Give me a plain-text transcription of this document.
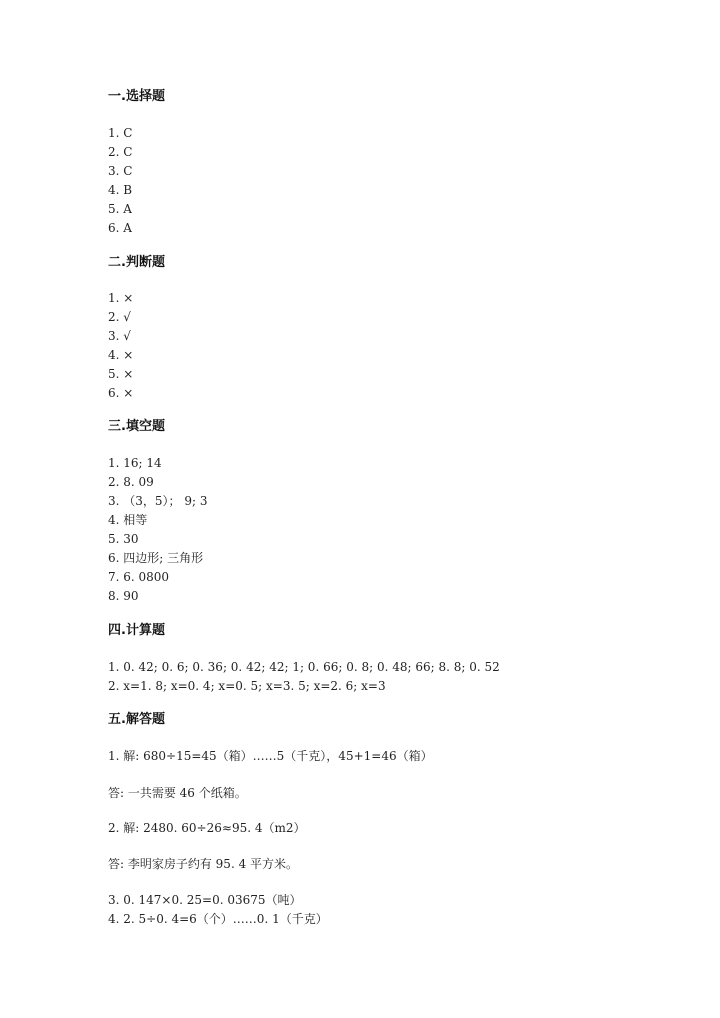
一.选择题
1. C
2. C
3. C
4. B
5. A
6. A
二.判断题
1. ×
2. √
3. √
4. ×
5. ×
6. ×
三.填空题
1. 16; 14
2. 8. 09
3. （3，5）； 9; 3
4. 相等
5. 30
6. 四边形; 三角形
7. 6. 0800
8. 90
四.计算题
1. 0. 42; 0. 6; 0. 36; 0. 42; 42; 1; 0. 66; 0. 8; 0. 48; 66; 8. 8; 0. 52
2. x=1. 8; x=0. 4; x=0. 5; x=3. 5; x=2. 6; x=3
五.解答题
1. 解: 680÷15=45（箱）……5（千克），45+1=46（箱）
答: 一共需要 46 个纸箱。
2. 解: 2480. 60÷26≈95. 4（m2）
答: 李明家房子约有 95. 4 平方米。
3. 0. 147×0. 25=0. 03675（吨）
4. 2. 5÷0. 4=6（个）……0. 1（千克）
